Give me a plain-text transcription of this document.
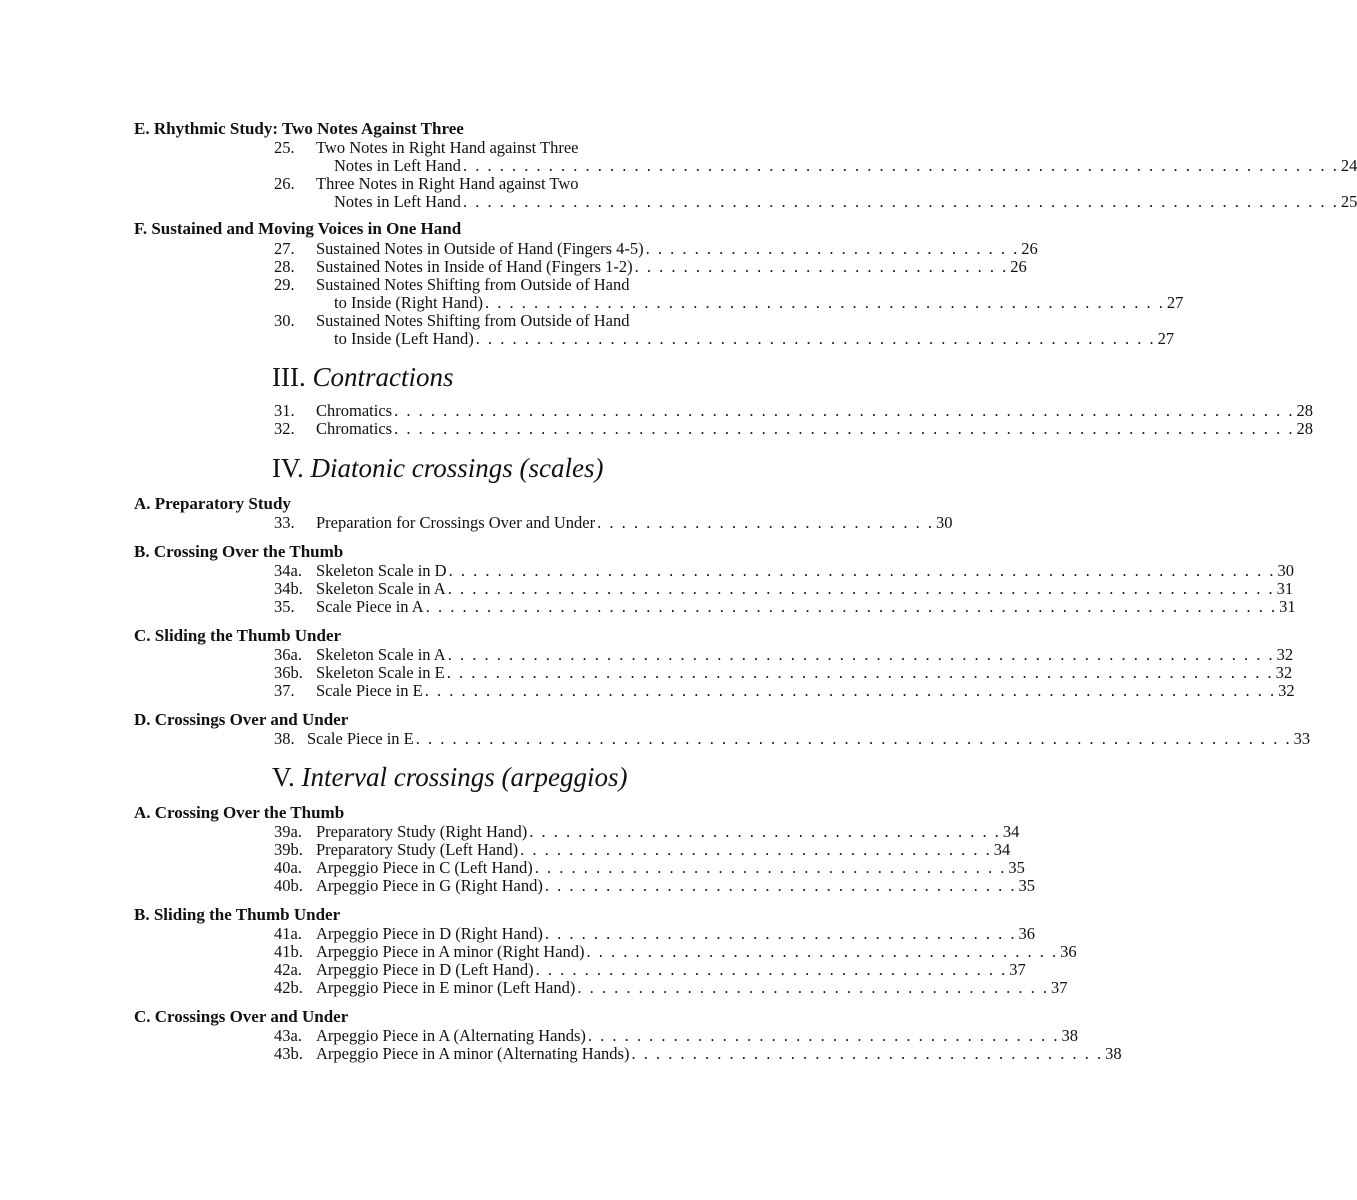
E. Rhythmic Study: Two Notes Against Three
25. Two Notes in Right Hand against Three
Notes in Left Hand . . . . . . . . . . . . . . . . . . . . . . . . . . . . . . . . . . . . . . . . . . . . . . . . . . . . . . . . . . . . . . . . . . . . . . . . 24
26. Three Notes in Right Hand against Two
Notes in Left Hand . . . . . . . . . . . . . . . . . . . . . . . . . . . . . . . . . . . . . . . . . . . . . . . . . . . . . . . . . . . . . . . . . . . . . . . . 25
F. Sustained and Moving Voices in One Hand
27. Sustained Notes in Outside of Hand (Fingers 4-5) . . . . . . . . . . . . . . . . . . . . . . . . . . . . . . . 26
28. Sustained Notes in Inside of Hand (Fingers 1-2) . . . . . . . . . . . . . . . . . . . . . . . . . . . . . . . 26
29. Sustained Notes Shifting from Outside of Hand
to Inside (Right Hand) . . . . . . . . . . . . . . . . . . . . . . . . . . . . . . . . . . . . . . . . . . . . . . . . . . . . . . . . 27
30. Sustained Notes Shifting from Outside of Hand
to Inside (Left Hand) . . . . . . . . . . . . . . . . . . . . . . . . . . . . . . . . . . . . . . . . . . . . . . . . . . . . . . . . 27
III. Contractions
31. Chromatics . . . . . . . . . . . . . . . . . . . . . . . . . . . . . . . . . . . . . . . . . . . . . . . . . . . . . . . . . . . . . . . . . . . . . . . . . . 28
32. Chromatics . . . . . . . . . . . . . . . . . . . . . . . . . . . . . . . . . . . . . . . . . . . . . . . . . . . . . . . . . . . . . . . . . . . . . . . . . . 28
IV. Diatonic crossings (scales)
A. Preparatory Study
33. Preparation for Crossings Over and Under . . . . . . . . . . . . . . . . . . . . . . . . . . . . 30
B. Crossing Over the Thumb
34a. Skeleton Scale in D . . . . . . . . . . . . . . . . . . . . . . . . . . . . . . . . . . . . . . . . . . . . . . . . . . . . . . . . . . . . . . . . . . . . 30
34b. Skeleton Scale in A . . . . . . . . . . . . . . . . . . . . . . . . . . . . . . . . . . . . . . . . . . . . . . . . . . . . . . . . . . . . . . . . . . . . 31
35. Scale Piece in A . . . . . . . . . . . . . . . . . . . . . . . . . . . . . . . . . . . . . . . . . . . . . . . . . . . . . . . . . . . . . . . . . . . . . . 31
C. Sliding the Thumb Under
36a. Skeleton Scale in A . . . . . . . . . . . . . . . . . . . . . . . . . . . . . . . . . . . . . . . . . . . . . . . . . . . . . . . . . . . . . . . . . . . . 32
36b. Skeleton Scale in E . . . . . . . . . . . . . . . . . . . . . . . . . . . . . . . . . . . . . . . . . . . . . . . . . . . . . . . . . . . . . . . . . . . . 32
37. Scale Piece in E . . . . . . . . . . . . . . . . . . . . . . . . . . . . . . . . . . . . . . . . . . . . . . . . . . . . . . . . . . . . . . . . . . . . . . 32
D. Crossings Over and Under
38. Scale Piece in E . . . . . . . . . . . . . . . . . . . . . . . . . . . . . . . . . . . . . . . . . . . . . . . . . . . . . . . . . . . . . . . . . . . . . . . . 33
V. Interval crossings (arpeggios)
A. Crossing Over the Thumb
39a. Preparatory Study (Right Hand) . . . . . . . . . . . . . . . . . . . . . . . . . . . . . . . . . . . . . . . 34
39b. Preparatory Study (Left Hand) . . . . . . . . . . . . . . . . . . . . . . . . . . . . . . . . . . . . . . . 34
40a. Arpeggio Piece in C (Left Hand) . . . . . . . . . . . . . . . . . . . . . . . . . . . . . . . . . . . . . . . 35
40b. Arpeggio Piece in G (Right Hand) . . . . . . . . . . . . . . . . . . . . . . . . . . . . . . . . . . . . . . . 35
B. Sliding the Thumb Under
41a. Arpeggio Piece in D (Right Hand) . . . . . . . . . . . . . . . . . . . . . . . . . . . . . . . . . . . . . . . 36
41b. Arpeggio Piece in A minor (Right Hand) . . . . . . . . . . . . . . . . . . . . . . . . . . . . . . . . . . . . . . . 36
42a. Arpeggio Piece in D (Left Hand) . . . . . . . . . . . . . . . . . . . . . . . . . . . . . . . . . . . . . . . 37
42b. Arpeggio Piece in E minor (Left Hand) . . . . . . . . . . . . . . . . . . . . . . . . . . . . . . . . . . . . . . . 37
C. Crossings Over and Under
43a. Arpeggio Piece in A (Alternating Hands) . . . . . . . . . . . . . . . . . . . . . . . . . . . . . . . . . . . . . . . 38
43b. Arpeggio Piece in A minor (Alternating Hands) . . . . . . . . . . . . . . . . . . . . . . . . . . . . . . . . . . . . . . . 38
